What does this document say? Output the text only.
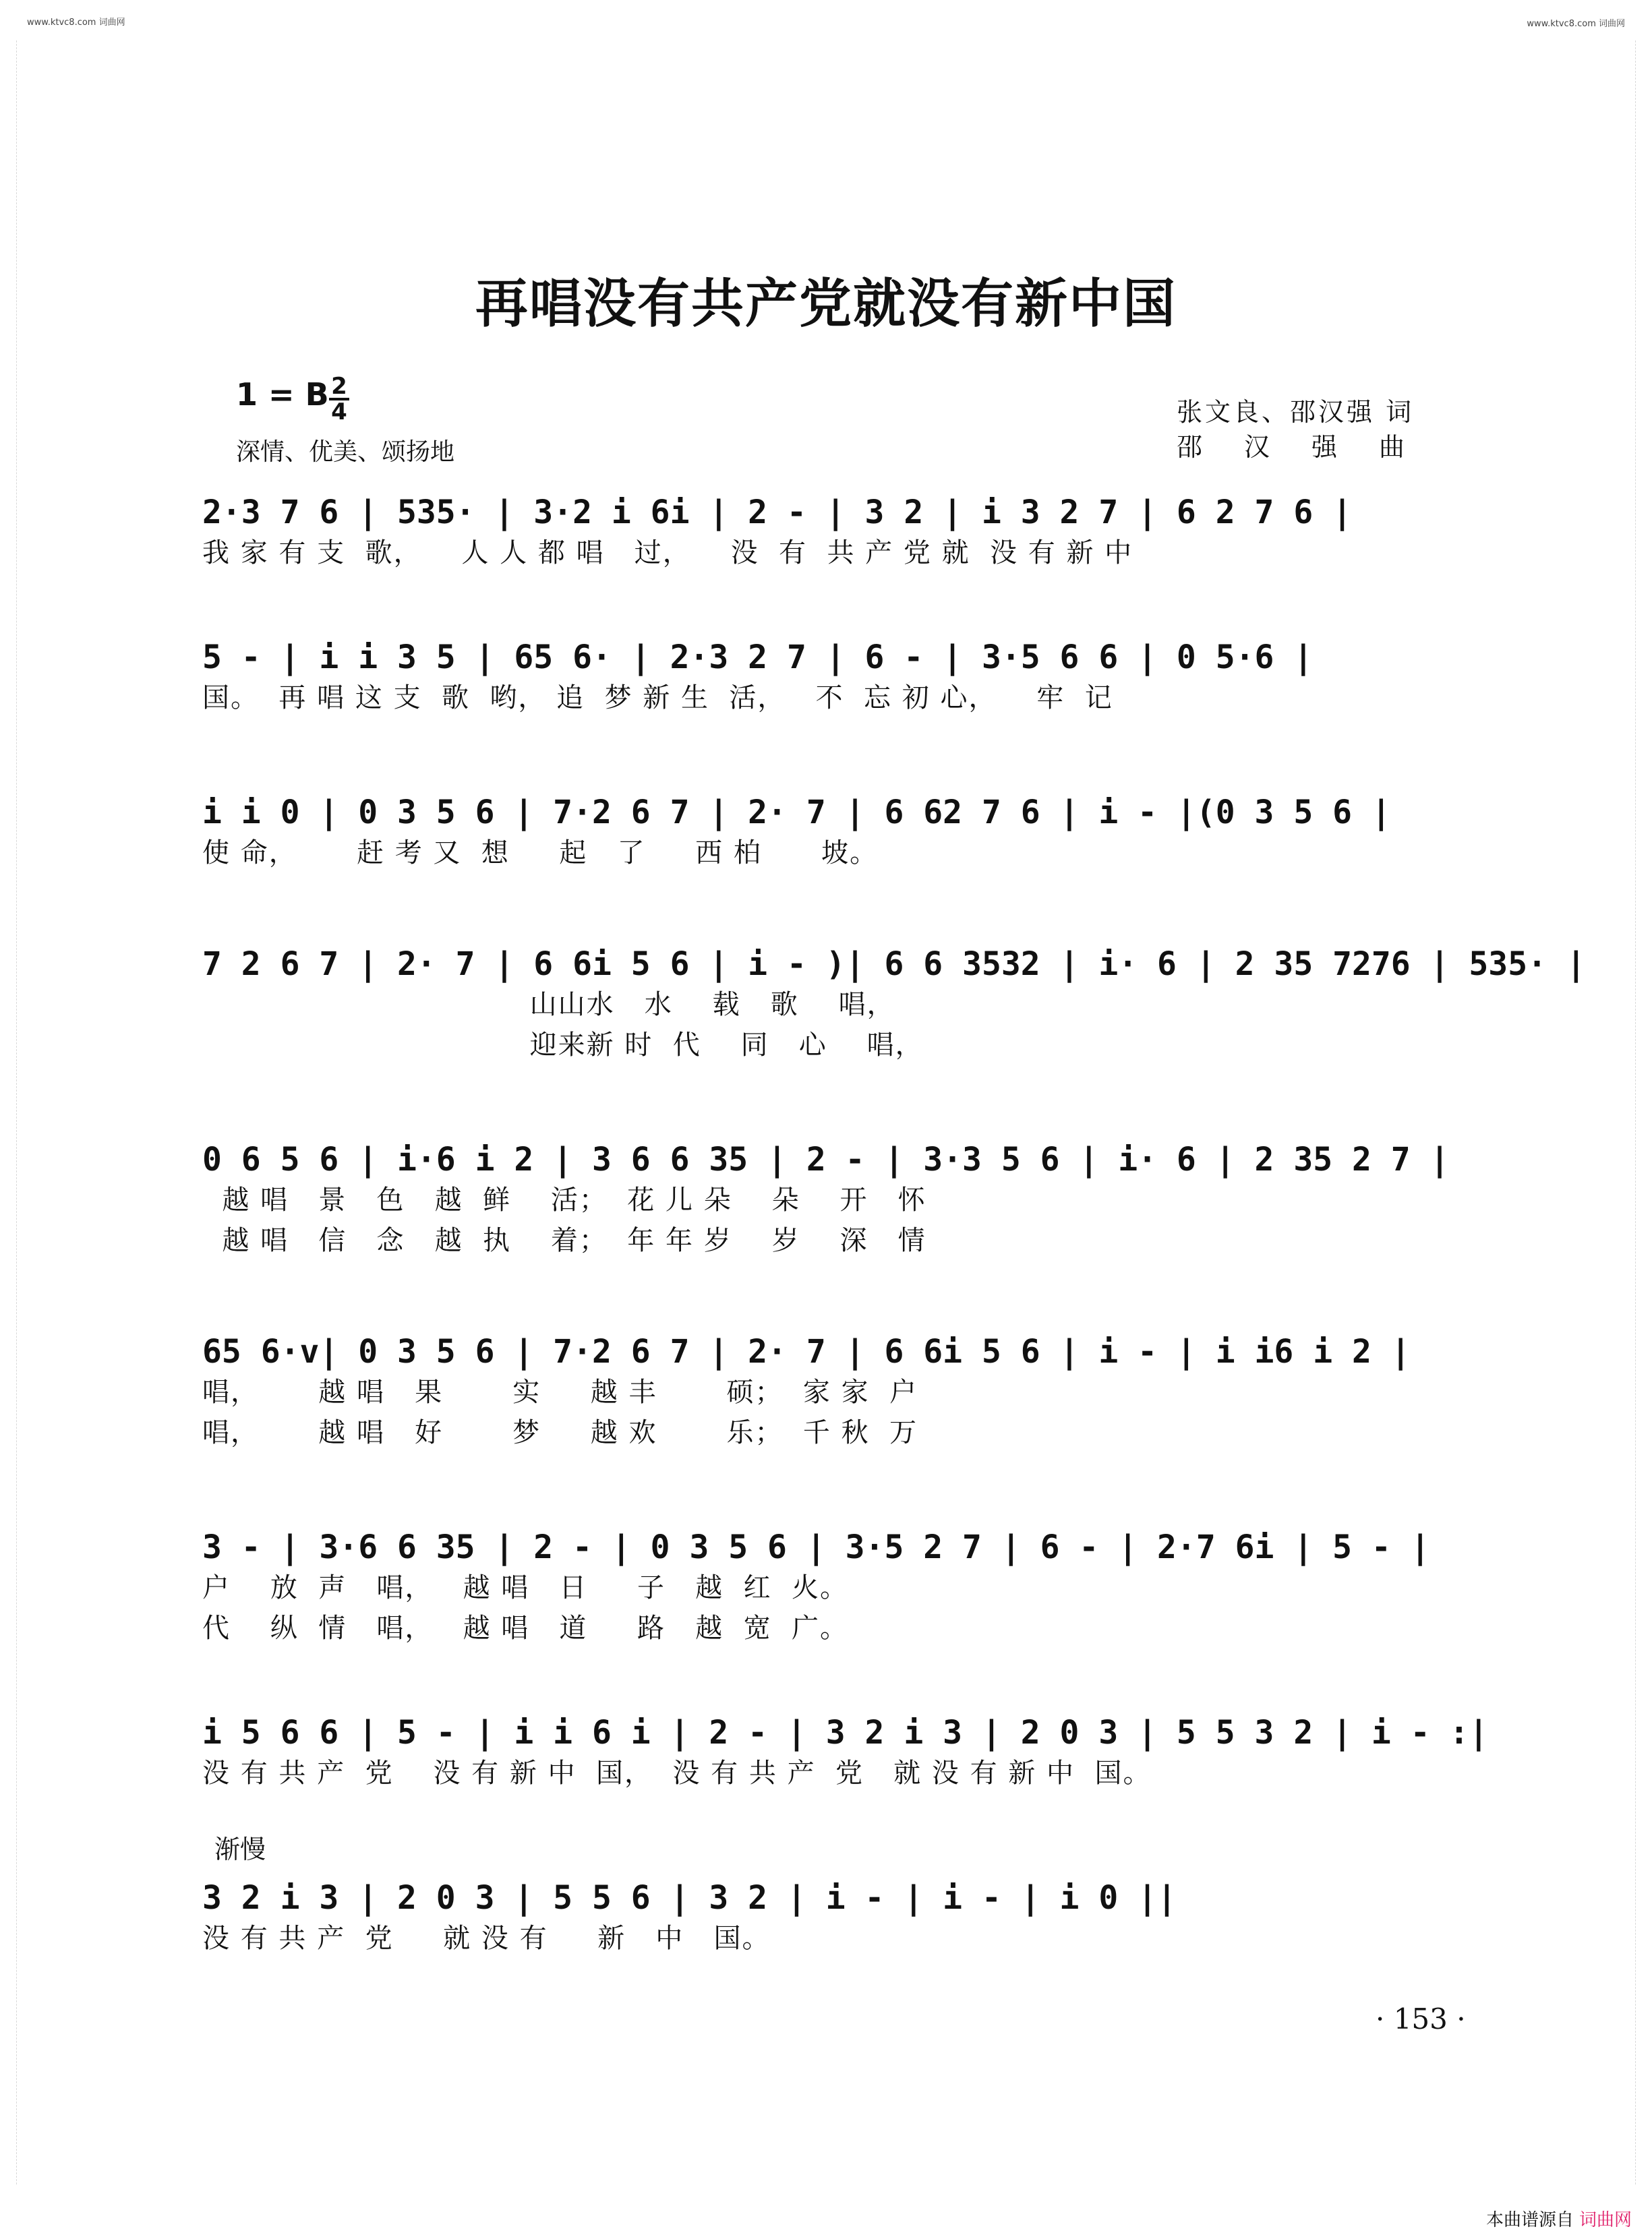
www.ktvc8.com 词曲网	www.ktvc8.com 词曲网
再唱没有共产党就没有新中国
1 = B 2
4
深情、优美、颂扬地
张文良、邵汉强 词
邵汉强曲
2·3 7 6 | 535· | 3·2 i 6i | 2 - | 3 2 | i 3 2 7 | 6 2 7 6 |
我 家 有 支  歌，    人 人 都 唱   过，    没  有  共 产 党 就  没 有 新 中
5 - | i i 3 5 | 65 6· | 2·3 2 7 | 6 - | 3·5 6 6 | 0 5·6 |
国。  再 唱 这 支  歌  哟， 追  梦 新 生  活，   不  忘 初 心，    牢  记
i i 0 | 0 3 5 6 | 7·2 6 7 | 2· 7 | 6 62 7 6 | i - |(0 3 5 6 |
使 命，      赶 考 又  想     起   了     西 柏      坡。
7 2 6 7 | 2· 7 | 6 6i 5 6 | i - )| 6 6 3532 | i· 6 | 2 35 7276 | 535· |
山山水   水    载   歌    唱，
迎来新 时  代    同   心    唱，
0 6 5 6 | i·6 i 2 | 3 6 6 35 | 2 - | 3·3 5 6 | i· 6 | 2 35 2 7 |
越 唱   景   色   越  鲜    活；  花 儿 朵    朵    开   怀
越 唱   信   念   越  执    着；  年 年 岁    岁    深   情
65 6·v| 0 3 5 6 | 7·2 6 7 | 2· 7 | 6 6i 5 6 | i - | i i6 i 2 |
唱，      越 唱   果       实     越 丰       硕；  家 家  户
唱，      越 唱   好       梦     越 欢       乐；  千 秋  万
3 - | 3·6 6 35 | 2 - | 0 3 5 6 | 3·5 2 7 | 6 - | 2·7 6i | 5 - |
户    放  声   唱，   越 唱   日     子   越  红  火。
代    纵  情   唱，   越 唱   道     路   越  宽  广。
i 5 6 6 | 5 - | i i 6 i | 2 - | 3 2 i 3 | 2 0 3 | 5 5 3 2 | i - :|
没 有 共 产  党    没 有 新 中  国，  没 有 共 产  党   就 没 有 新 中  国。
渐慢
3 2 i 3 | 2 0 3 | 5 5 6 | 3 2 | i - | i - | i 0 ||
没 有 共 产  党     就 没 有     新   中   国。
· 153 ·
本曲谱源自 词曲网
